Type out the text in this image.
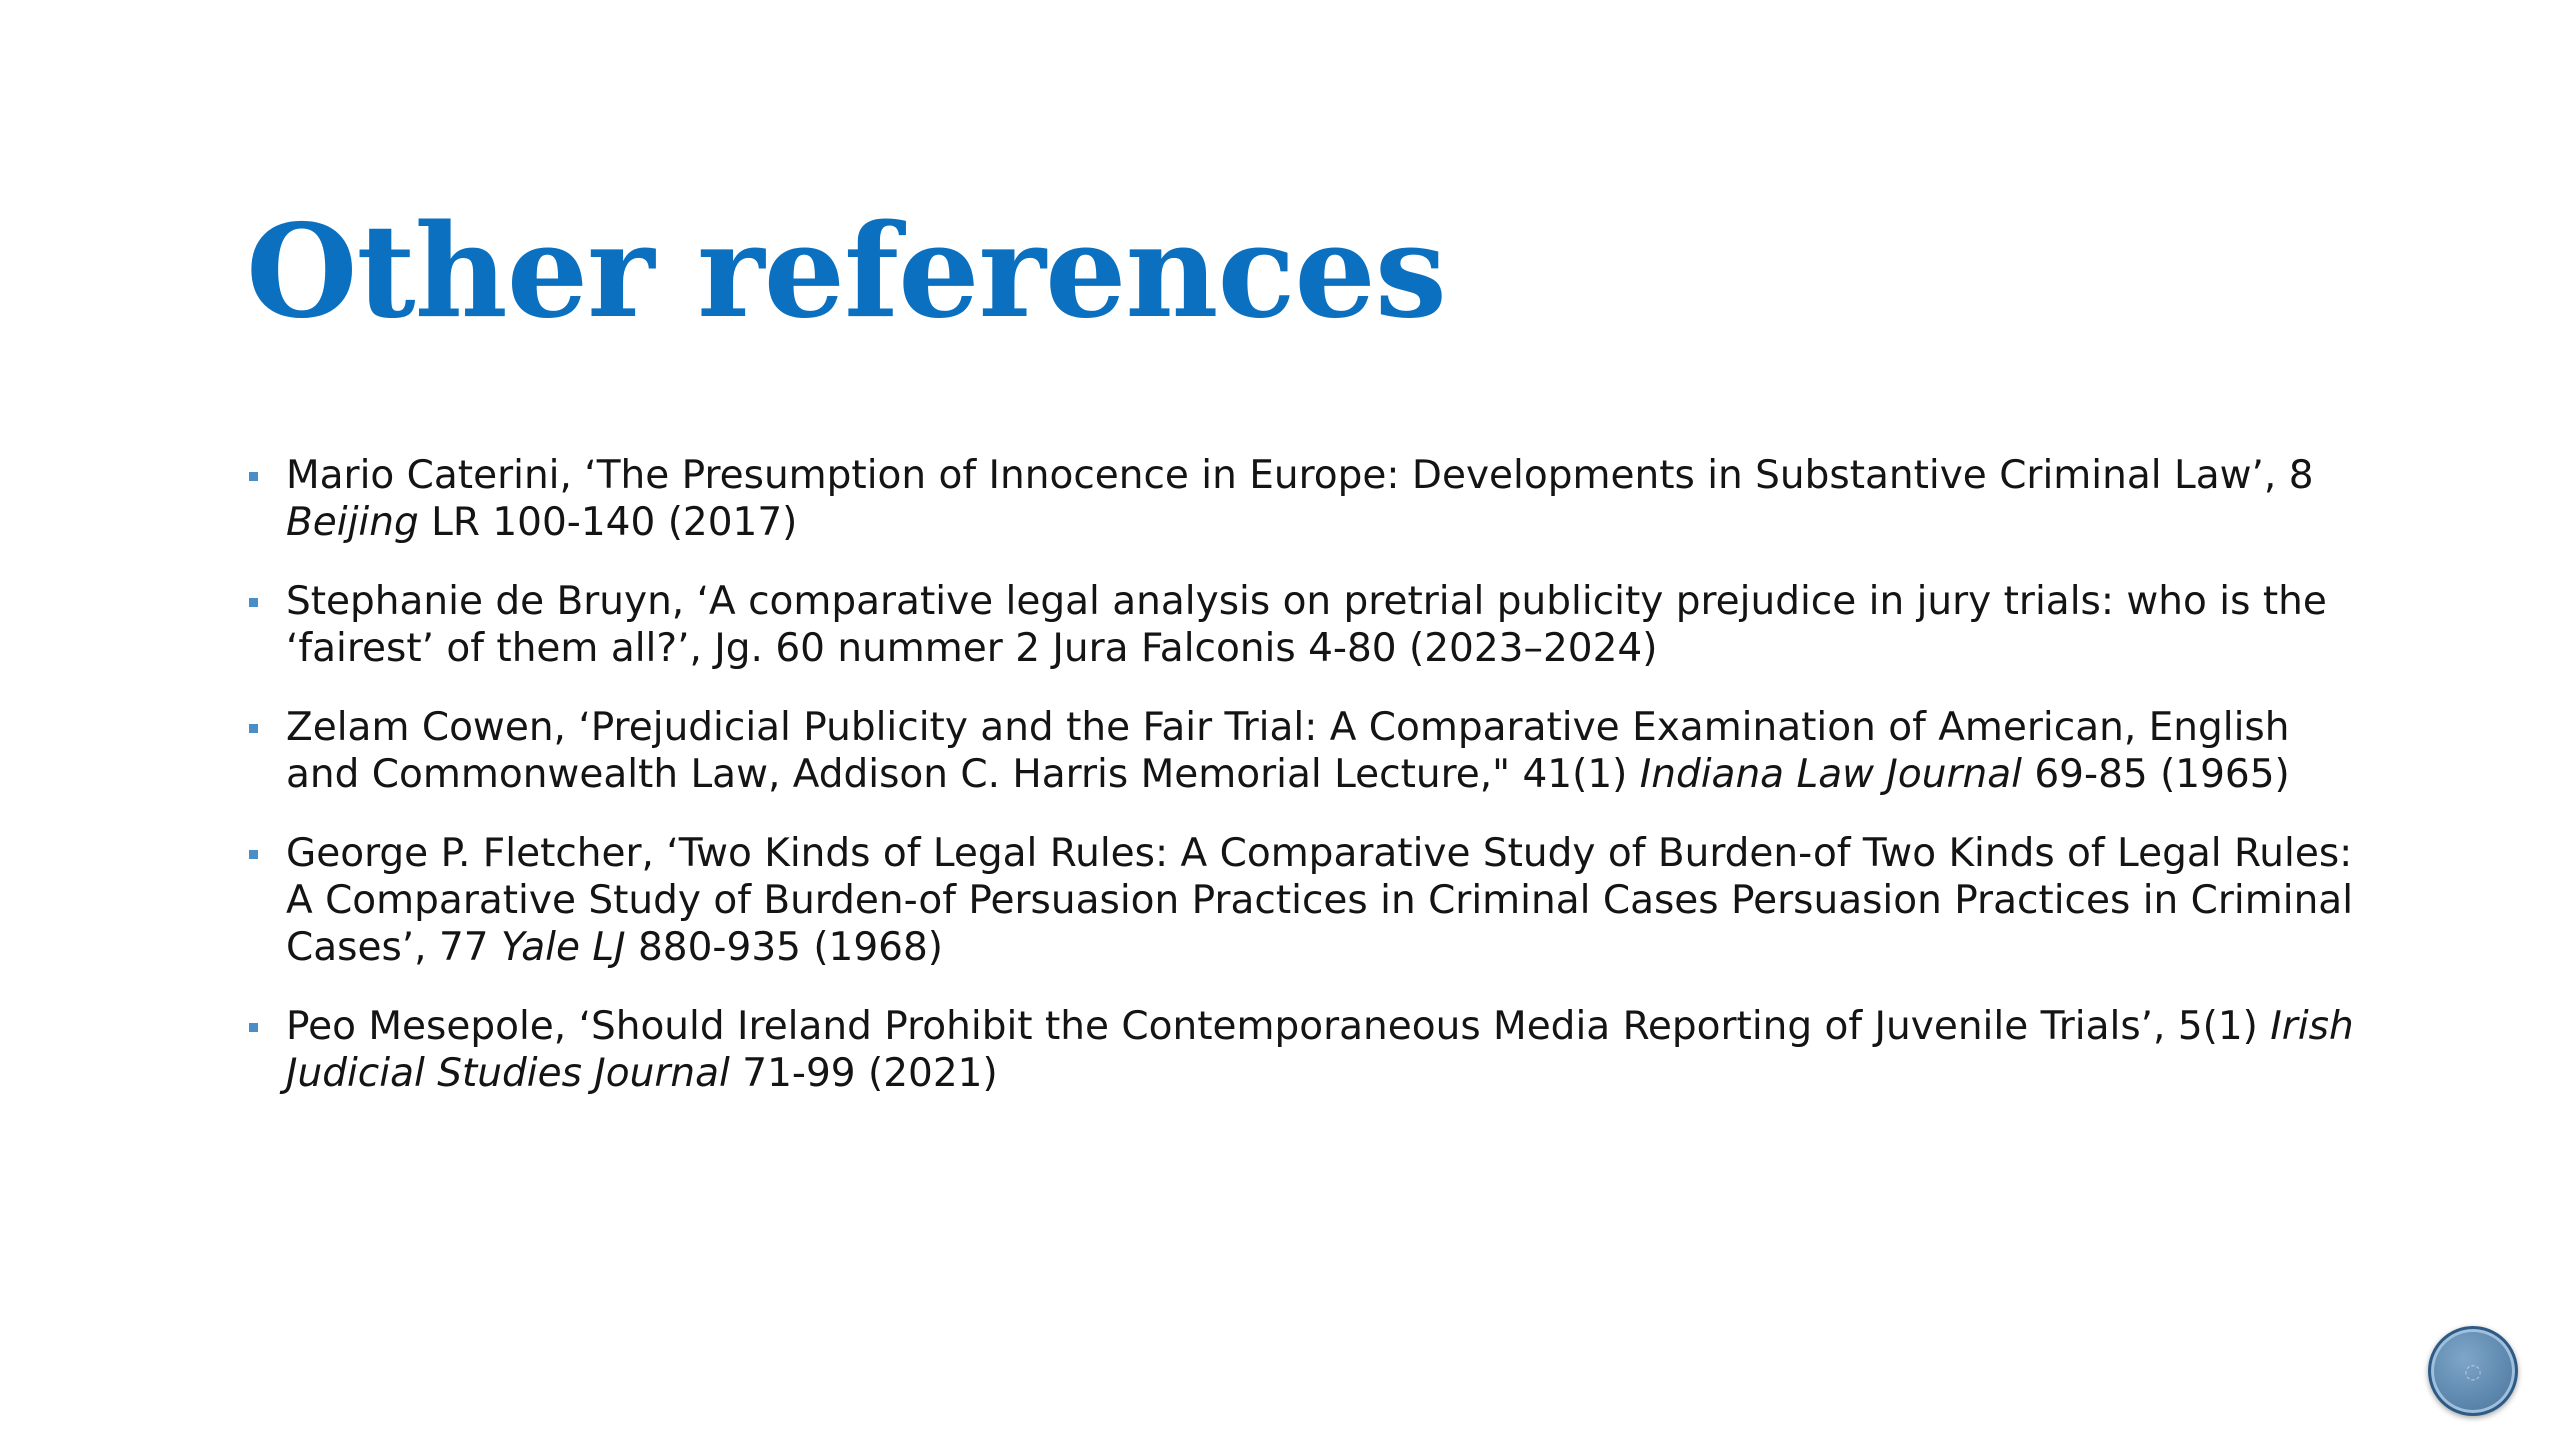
Other references
Mario Caterini, ‘The Presumption of Innocence in Europe: Developments in Substantive Criminal Law’, 8 Beijing LR 100-140 (2017)
Stephanie de Bruyn, ‘A comparative legal analysis on pretrial publicity prejudice in jury trials: who is the ‘fairest’ of them all?’, Jg. 60 nummer 2 Jura Falconis 4-80 (2023–2024)
Zelam Cowen, ‘Prejudicial Publicity and the Fair Trial: A Comparative Examination of American, English and Commonwealth Law, Addison C. Harris Memorial Lecture," 41(1) Indiana Law Journal 69-85 (1965)
George P. Fletcher, ‘Two Kinds of Legal Rules: A Comparative Study of Burden-of Two Kinds of Legal Rules: A Comparative Study of Burden-of Persuasion Practices in Criminal Cases Persuasion Practices in Criminal Cases’, 77 Yale LJ 880-935 (1968)
Peo Mesepole, ‘Should Ireland Prohibit the Contemporaneous Media Reporting of Juvenile Trials’, 5(1) Irish Judicial Studies Journal 71-99 (2021)
◌
